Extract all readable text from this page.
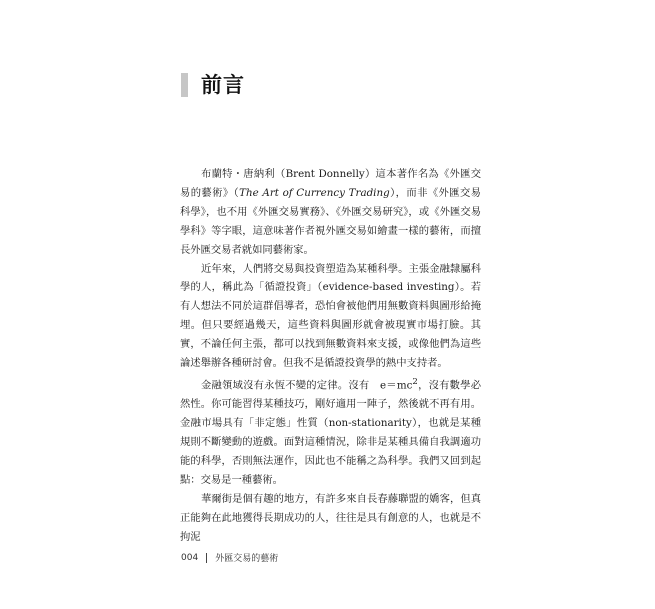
前言

布蘭特・唐納利（Brent Donnelly）這本著作名為《外匯交易的藝術》（The Art of Currency Trading），而非《外匯交易科學》，也不用《外匯交易實務》、《外匯交易研究》，或《外匯交易學科》等字眼，這意味著作者視外匯交易如繪畫一樣的藝術，而擅長外匯交易者就如同藝術家。

近年來，人們將交易與投資塑造為某種科學。主張金融隸屬科學的人，稱此為「循證投資」（evidence-based investing）。若有人想法不同於這群倡導者，恐怕會被他們用無數資料與圖形給掩埋。但只要經過幾天，這些資料與圖形就會被現實市場打臉。其實，不論任何主張，都可以找到無數資料來支援，或像他們為這些論述舉辦各種研討會。但我不是循證投資學的熱中支持者。

金融領域沒有永恆不變的定律。沒有　$e=mc^2$，沒有數學必然性。你可能習得某種技巧，剛好適用一陣子，然後就不再有用。金融市場具有「非定態」性質（non-stationarity），也就是某種規則不斷變動的遊戲。面對這種情況，除非是某種具備自我調適功能的科學，否則無法運作，因此也不能稱之為科學。我們又回到起點：交易是一種藝術。

華爾街是個有趣的地方，有許多來自長春藤聯盟的嬌客，但真正能夠在此地獲得長期成功的人，往往是具有創意的人，也就是不拘泥

004 外匯交易的藝術
